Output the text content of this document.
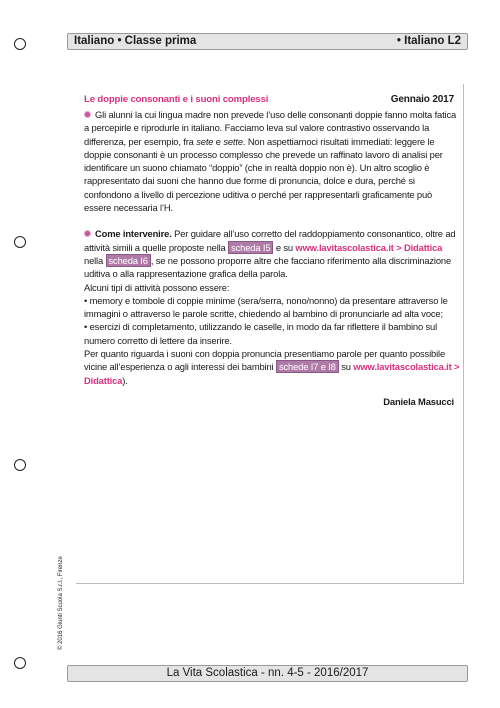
Italiano • Classe prima	• Italiano L2
Gennaio 2017
Le doppie consonanti e i suoni complessi

Gli alunni la cui lingua madre non prevede l’uso delle consonanti doppie fanno molta fatica a percepirle e riprodurle in italiano. Facciamo leva sul valore contrastivo osservando la differenza, per esempio, fra sete e sette. Non aspettiamoci risultati immediati: leggere le doppie consonanti è un processo complesso che prevede un raffinato lavoro di analisi per identificare un suono chiamato “doppio” (che in realtà doppio non è). Un altro scoglio è rappresentato dai suoni che hanno due forme di pronuncia, dolce e dura, perché si confondono a livello di percezione uditiva o perché per rappresentarli graficamente può essere necessaria l’H.

Come intervenire. Per guidare all’uso corretto del raddoppiamento consonantico, oltre ad attività simili a quelle proposte nella scheda I5 e su www.lavitascolastica.it > Didattica nella scheda I6 , se ne possono proporre altre che facciano riferimento alla discriminazione uditiva o alla rappresentazione grafica della parola.

Alcuni tipi di attività possono essere:

• memory e tombole di coppie minime (sera/serra, nono/nonno) da presentare attraverso le immagini o attraverso le parole scritte, chiedendo al bambino di pronunciarle ad alta voce;

• esercizi di completamento, utilizzando le caselle, in modo da far riflettere il bambino sul numero corretto di lettere da inserire.

Per quanto riguarda i suoni con doppia pronuncia presentiamo parole per quanto possibile vicine all’esperienza o agli interessi dei bambini schede I7 e I8 su www.lavitascolastica.it > Didattica).

Daniela Masucci
© 2016 Giunti Scuola S.r.l., Firenze
La Vita Scolastica - nn. 4-5 - 2016/2017
